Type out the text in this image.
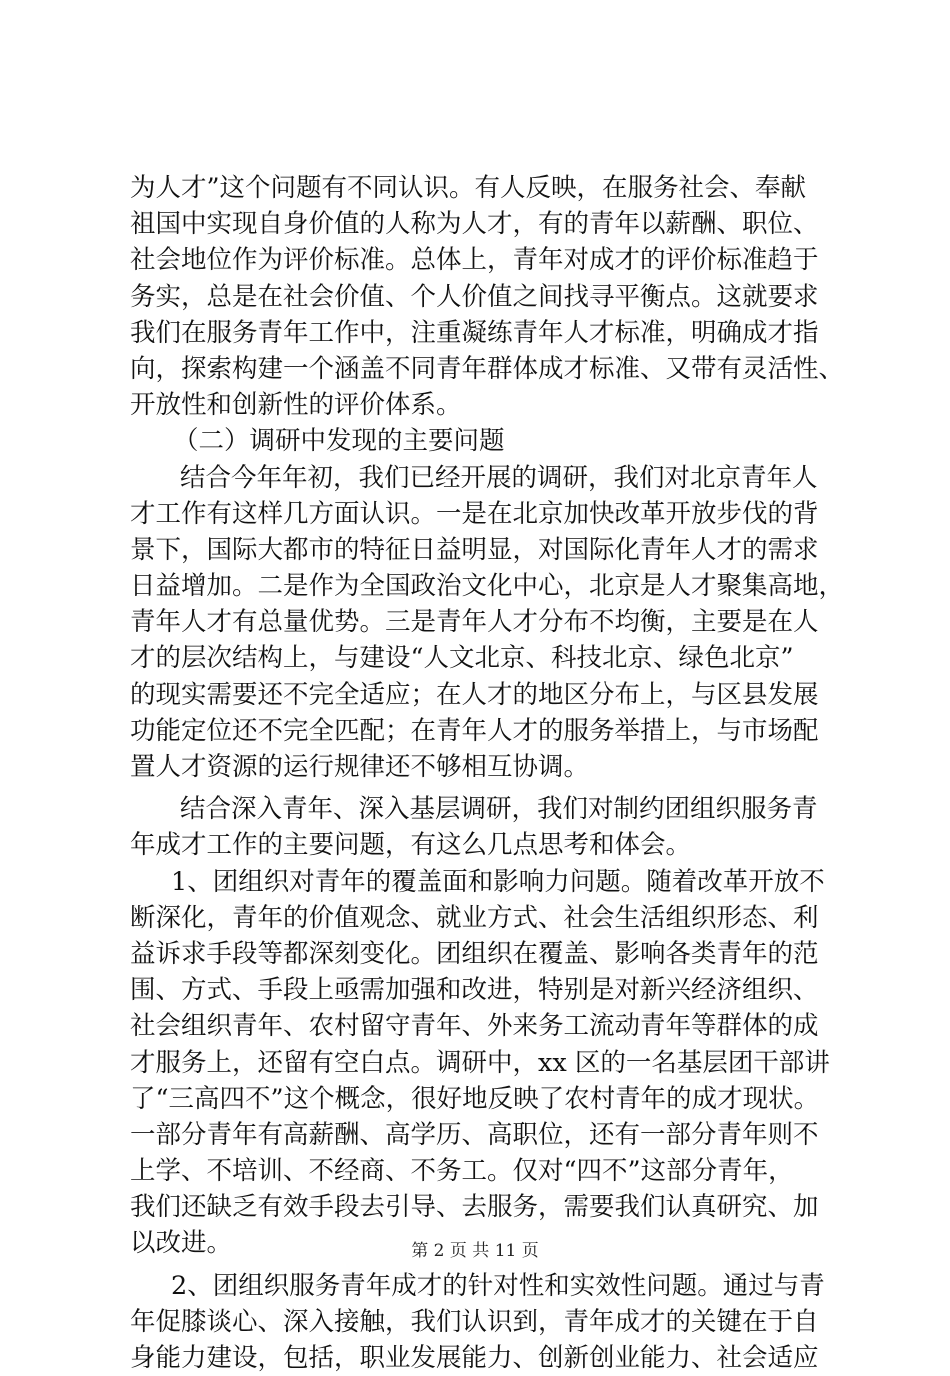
为人才”这个问题有不同认识。有人反映，在服务社会、奉献
祖国中实现自身价值的人称为人才，有的青年以薪酬、职位、
社会地位作为评价标准。总体上，青年对成才的评价标准趋于
务实，总是在社会价值、个人价值之间找寻平衡点。这就要求
我们在服务青年工作中，注重凝练青年人才标准，明确成才指
向，探索构建一个涵盖不同青年群体成才标准、又带有灵活性、
开放性和创新性的评价体系。
（二）调研中发现的主要问题
结合今年年初，我们已经开展的调研，我们对北京青年人
才工作有这样几方面认识。一是在北京加快改革开放步伐的背
景下，国际大都市的特征日益明显，对国际化青年人才的需求
日益增加。二是作为全国政治文化中心，北京是人才聚集高地，
青年人才有总量优势。三是青年人才分布不均衡，主要是在人
才的层次结构上，与建设“人文北京、科技北京、绿色北京”
的现实需要还不完全适应；在人才的地区分布上，与区县发展
功能定位还不完全匹配；在青年人才的服务举措上，与市场配
置人才资源的运行规律还不够相互协调。
结合深入青年、深入基层调研，我们对制约团组织服务青
年成才工作的主要问题，有这么几点思考和体会。
1、团组织对青年的覆盖面和影响力问题。随着改革开放不
断深化，青年的价值观念、就业方式、社会生活组织形态、利
益诉求手段等都深刻变化。团组织在覆盖、影响各类青年的范
围、方式、手段上亟需加强和改进，特别是对新兴经济组织、
社会组织青年、农村留守青年、外来务工流动青年等群体的成
才服务上，还留有空白点。调研中，xx 区的一名基层团干部讲
了“三高四不”这个概念，很好地反映了农村青年的成才现状。
一部分青年有高薪酬、高学历、高职位，还有一部分青年则不
上学、不培训、不经商、不务工。仅对“四不”这部分青年，
我们还缺乏有效手段去引导、去服务，需要我们认真研究、加
以改进。
2、团组织服务青年成才的针对性和实效性问题。通过与青
年促膝谈心、深入接触，我们认识到，青年成才的关键在于自
身能力建设，包括，职业发展能力、创新创业能力、社会适应
第 2 页 共 11 页
